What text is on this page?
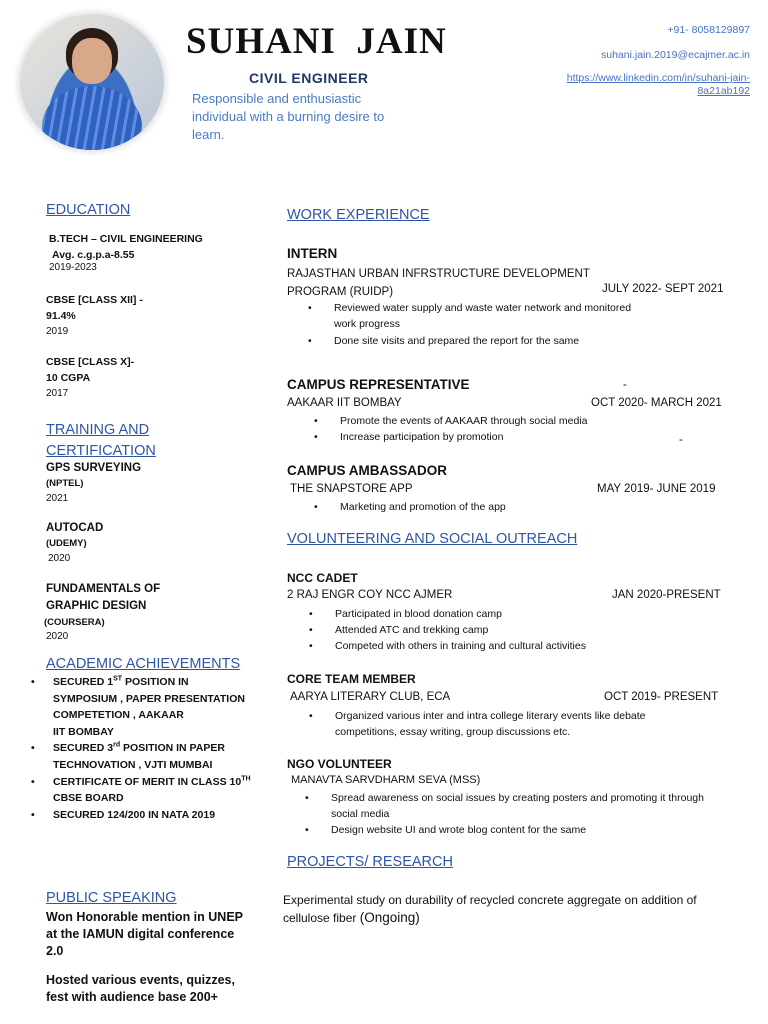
SUHANI  JAIN
CIVIL ENGINEER
Responsible and enthusiastic individual with a burning desire to learn.
+91- 8058129897
suhani.jain.2019@ecajmer.ac.in
https://www.linkedin.com/in/suhani-jain-
8a21ab192
EDUCATION
B.TECH – CIVIL ENGINEERING
Avg. c.g.p.a-8.55
2019-2023
CBSE [CLASS XII] -
91.4%
2019
CBSE [CLASS X]-
10 CGPA
2017
TRAINING AND
CERTIFICATION
GPS SURVEYING
(NPTEL)
2021
AUTOCAD
(UDEMY)
2020
FUNDAMENTALS OF
GRAPHIC DESIGN
(COURSERA)
2020
ACADEMIC ACHIEVEMENTS
• SECURED 1ST POSITION IN SYMPOSIUM , PAPER PRESENTATION COMPETETION , AAKAAR
IIT BOMBAY
• SECURED 3rd POSITION IN PAPER TECHNOVATION , VJTI MUMBAI
• CERTIFICATE OF MERIT IN CLASS 10TH CBSE BOARD
• SECURED 124/200 IN NATA 2019
PUBLIC SPEAKING
Won Honorable mention in UNEP at the IAMUN digital conference 2.0
Hosted various events, quizzes, fest with audience base 200+
WORK EXPERIENCE
INTERN
RAJASTHAN URBAN INFRSTRUCTURE DEVELOPMENT
PROGRAM (RUIDP)	JULY 2022- SEPT 2021
• Reviewed water supply and waste water network and monitored
work progress
• Done site visits and prepared the report for the same
CAMPUS REPRESENTATIVE	-
AAKAAR IIT BOMBAY	OCT 2020- MARCH 2021
• Promote the events of AAKAAR through social media
• Increase participation by promotion	-
CAMPUS AMBASSADOR
THE SNAPSTORE APP	MAY 2019- JUNE 2019
• Marketing and promotion of the app
VOLUNTEERING AND SOCIAL OUTREACH
NCC CADET
2 RAJ ENGR COY NCC AJMER	JAN 2020-PRESENT
• Participated in blood donation camp
• Attended ATC and trekking camp
• Competed with others in training and cultural activities
CORE TEAM MEMBER
AARYA LITERARY CLUB, ECA	OCT 2019- PRESENT
• Organized various inter and intra college literary events like debate
competitions, essay writing, group discussions etc.
NGO VOLUNTEER
MANAVTA SARVDHARM SEVA (MSS)
• Spread awareness on social issues by creating posters and promoting it through
social media
• Design website UI and wrote blog content for the same
PROJECTS/ RESEARCH
Experimental study on durability of recycled concrete aggregate on addition of
cellulose fiber (Ongoing)
